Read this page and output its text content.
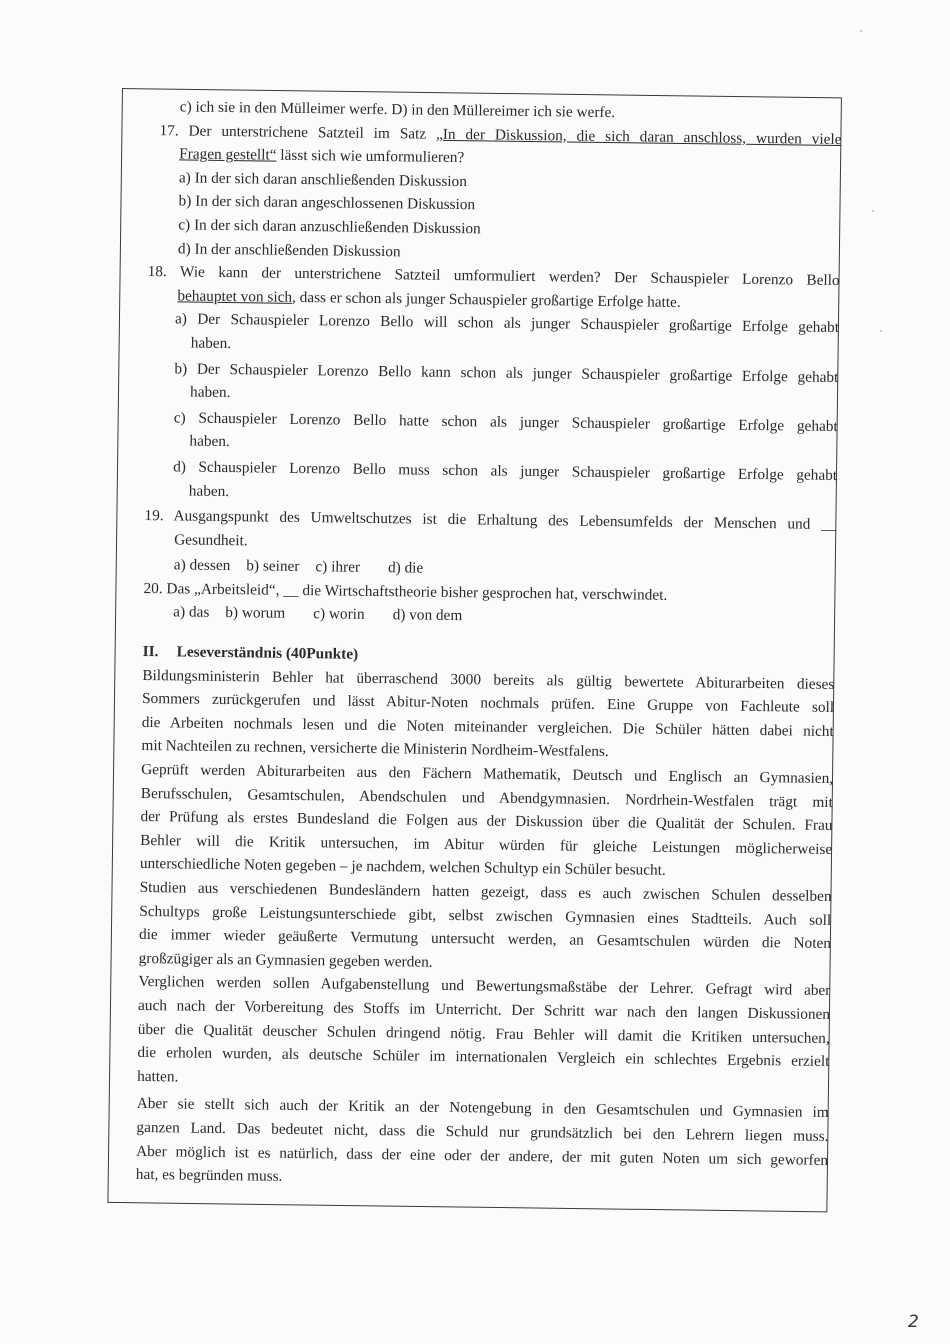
c) ich sie in den Mülleimer werfe. D) in den Müllereimer ich sie werfe.

17. Der unterstrichene Satzteil im Satz „In der Diskussion, die sich daran anschloss, wurden viele

Fragen gestellt“ lässt sich wie umformulieren?

a) In der sich daran anschließenden Diskussion

b) In der sich daran angeschlossenen Diskussion

c) In der sich daran anzuschließenden Diskussion

d) In der anschließenden Diskussion

18. Wie kann der unterstrichene Satzteil umformuliert werden? Der Schauspieler Lorenzo Bello

behauptet von sich, dass er schon als junger Schauspieler großartige Erfolge hatte.

a) Der Schauspieler Lorenzo Bello will schon als junger Schauspieler großartige Erfolge gehabt

haben.

b) Der Schauspieler Lorenzo Bello kann schon als junger Schauspieler großartige Erfolge gehabt

haben.

c) Schauspieler Lorenzo Bello hatte schon als junger Schauspieler großartige Erfolge gehabt

haben.

d) Schauspieler Lorenzo Bello muss schon als junger Schauspieler großartige Erfolge gehabt

haben.

19. Ausgangspunkt des Umweltschutzes ist die Erhaltung des Lebensumfelds der Menschen und __

Gesundheit.

a) dessen b) seiner c) ihrer d) die

20. Das „Arbeitsleid“, __ die Wirtschaftstheorie bisher gesprochen hat, verschwindet.

a) das b) worum c) worin d) von dem

II. Leseverständnis (40Punkte)

Bildungsministerin Behler hat überraschend 3000 bereits als gültig bewertete Abiturarbeiten dieses

Sommers zurückgerufen und lässt Abitur-Noten nochmals prüfen. Eine Gruppe von Fachleute soll

die Arbeiten nochmals lesen und die Noten miteinander vergleichen. Die Schüler hätten dabei nicht

mit Nachteilen zu rechnen, versicherte die Ministerin Nordheim-Westfalens.

Geprüft werden Abiturarbeiten aus den Fächern Mathematik, Deutsch und Englisch an Gymnasien,

Berufsschulen, Gesamtschulen, Abendschulen und Abendgymnasien. Nordrhein-Westfalen trägt mit

der Prüfung als erstes Bundesland die Folgen aus der Diskussion über die Qualität der Schulen. Frau

Behler will die Kritik untersuchen, im Abitur würden für gleiche Leistungen möglicherweise

unterschiedliche Noten gegeben – je nachdem, welchen Schultyp ein Schüler besucht.

Studien aus verschiedenen Bundesländern hatten gezeigt, dass es auch zwischen Schulen desselben

Schultyps große Leistungsunterschiede gibt, selbst zwischen Gymnasien eines Stadtteils. Auch soll

die immer wieder geäußerte Vermutung untersucht werden, an Gesamtschulen würden die Noten

großzügiger als an Gymnasien gegeben werden.

Verglichen werden sollen Aufgabenstellung und Bewertungsmaßstäbe der Lehrer. Gefragt wird aber

auch nach der Vorbereitung des Stoffs im Unterricht. Der Schritt war nach den langen Diskussionen

über die Qualität deuscher Schulen dringend nötig. Frau Behler will damit die Kritiken untersuchen,

die erholen wurden, als deutsche Schüler im internationalen Vergleich ein schlechtes Ergebnis erzielt

hatten.

Aber sie stellt sich auch der Kritik an der Notengebung in den Gesamtschulen und Gymnasien im

ganzen Land. Das bedeutet nicht, dass die Schuld nur grundsätzlich bei den Lehrern liegen muss.

Aber möglich ist es natürlich, dass der eine oder der andere, der mit guten Noten um sich geworfen

hat, es begründen muss.

2
